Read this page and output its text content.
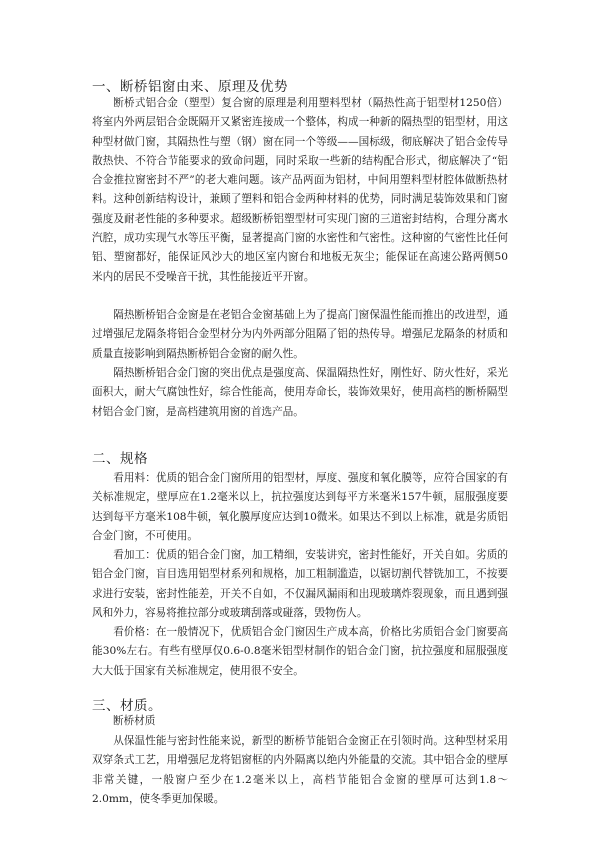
一、断桥铝窗由来、原理及优势

断桥式铝合金（塑型）复合窗的原理是利用塑料型材（隔热性高于铝型材1250倍）将室内外两层铝合金既隔开又紧密连接成一个整体，构成一种新的隔热型的铝型材，用这种型材做门窗，其隔热性与塑（钢）窗在同一个等级——国标级，彻底解决了铝合金传导散热快、不符合节能要求的致命问题，同时采取一些新的结构配合形式，彻底解决了“铝合金推拉窗密封不严”的老大难问题。该产品两面为铝材，中间用塑料型材腔体做断热材料。这种创新结构设计，兼顾了塑料和铝合金两种材料的优势，同时满足装饰效果和门窗强度及耐老性能的多种要求。超级断桥铝塑型材可实现门窗的三道密封结构，合理分离水汽腔，成功实现气水等压平衡，显著提高门窗的水密性和气密性。这种窗的气密性比任何铝、塑窗都好，能保证风沙大的地区室内窗台和地板无灰尘；能保证在高速公路两侧50米内的居民不受噪音干扰，其性能接近平开窗。

隔热断桥铝合金窗是在老铝合金窗基础上为了提高门窗保温性能而推出的改进型，通过增强尼龙隔条将铝合金型材分为内外两部分阻隔了铝的热传导。增强尼龙隔条的材质和质量直接影响到隔热断桥铝合金窗的耐久性。

隔热断桥铝合金门窗的突出优点是强度高、保温隔热性好，刚性好、防火性好，采光面积大，耐大气腐蚀性好，综合性能高，使用寿命长，装饰效果好，使用高档的断桥隔型材铝合金门窗，是高档建筑用窗的首选产品。

二、规格

看用料：优质的铝合金门窗所用的铝型材，厚度、强度和氧化膜等，应符合国家的有关标准规定，壁厚应在1.2毫米以上，抗拉强度达到每平方米毫米157牛顿，屈服强度要达到每平方毫米108牛顿，氧化膜厚度应达到10微米。如果达不到以上标准，就是劣质铝合金门窗，不可使用。

看加工：优质的铝合金门窗，加工精细，安装讲究，密封性能好，开关自如。劣质的铝合金门窗，盲目选用铝型材系列和规格，加工粗制滥造，以锯切割代替铣加工，不按要求进行安装，密封性能差，开关不自如，不仅漏风漏雨和出现玻璃炸裂现象，而且遇到强风和外力，容易将推拉部分或玻璃刮落或碰落，毁物伤人。

看价格：在一般情况下，优质铝合金门窗因生产成本高，价格比劣质铝合金门窗要高能30%左右。有些有壁厚仅0.6-0.8毫米铝型材制作的铝合金门窗，抗拉强度和屈服强度大大低于国家有关标准规定，使用很不安全。

三、材质。

断桥材质

从保温性能与密封性能来说，新型的断桥节能铝合金窗正在引领时尚。这种型材采用双穿条式工艺，用增强尼龙将铝窗框的内外隔离以绝内外能量的交流。其中铝合金的壁厚非常关键，一般窗户至少在1.2毫米以上，高档节能铝合金窗的壁厚可达到1.8～2.0mm，使冬季更加保暖。
